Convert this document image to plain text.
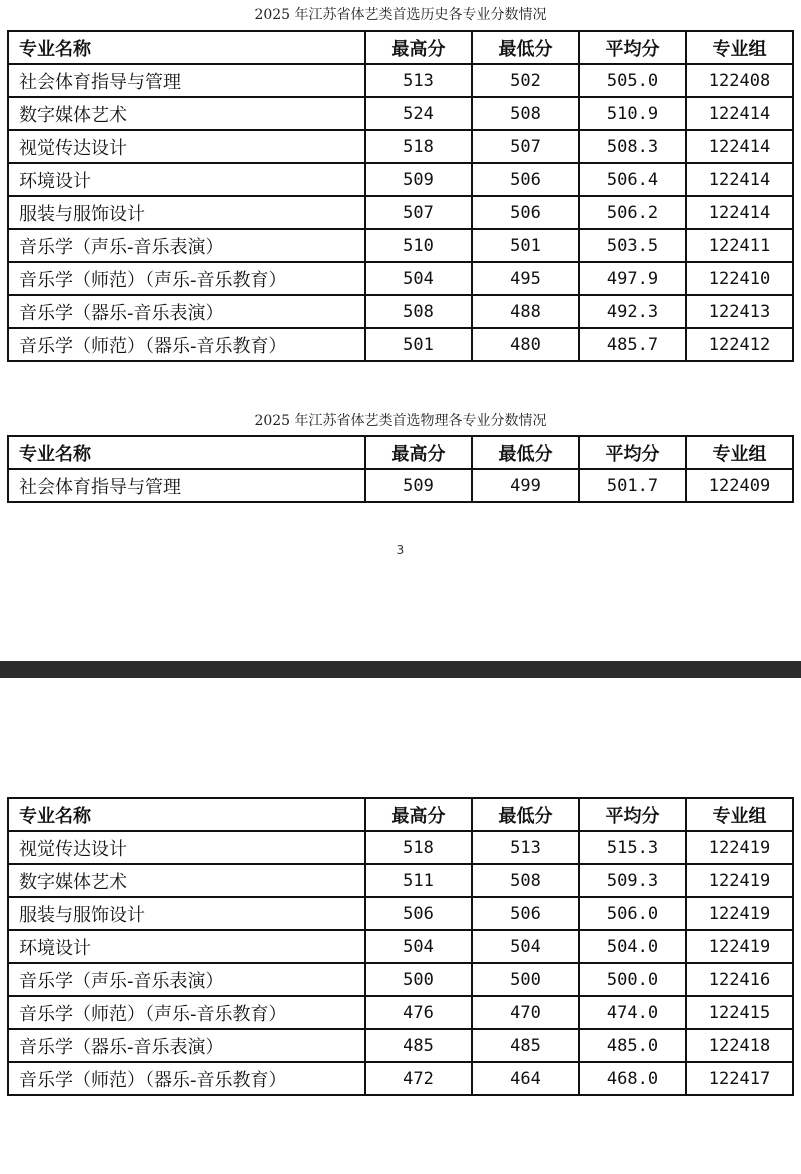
2025 年江苏省体艺类首选历史各专业分数情况
专业名称	最高分	最低分	平均分	专业组
社会体育指导与管理	513	502	505.0	122408
数字媒体艺术	524	508	510.9	122414
视觉传达设计	518	507	508.3	122414
环境设计	509	506	506.4	122414
服装与服饰设计	507	506	506.2	122414
音乐学（声乐-音乐表演）	510	501	503.5	122411
音乐学（师范）（声乐-音乐教育）	504	495	497.9	122410
音乐学（器乐-音乐表演）	508	488	492.3	122413
音乐学（师范）（器乐-音乐教育）	501	480	485.7	122412
2025 年江苏省体艺类首选物理各专业分数情况
专业名称	最高分	最低分	平均分	专业组
社会体育指导与管理	509	499	501.7	122409
3
专业名称	最高分	最低分	平均分	专业组
视觉传达设计	518	513	515.3	122419
数字媒体艺术	511	508	509.3	122419
服装与服饰设计	506	506	506.0	122419
环境设计	504	504	504.0	122419
音乐学（声乐-音乐表演）	500	500	500.0	122416
音乐学（师范）（声乐-音乐教育）	476	470	474.0	122415
音乐学（器乐-音乐表演）	485	485	485.0	122418
音乐学（师范）（器乐-音乐教育）	472	464	468.0	122417
